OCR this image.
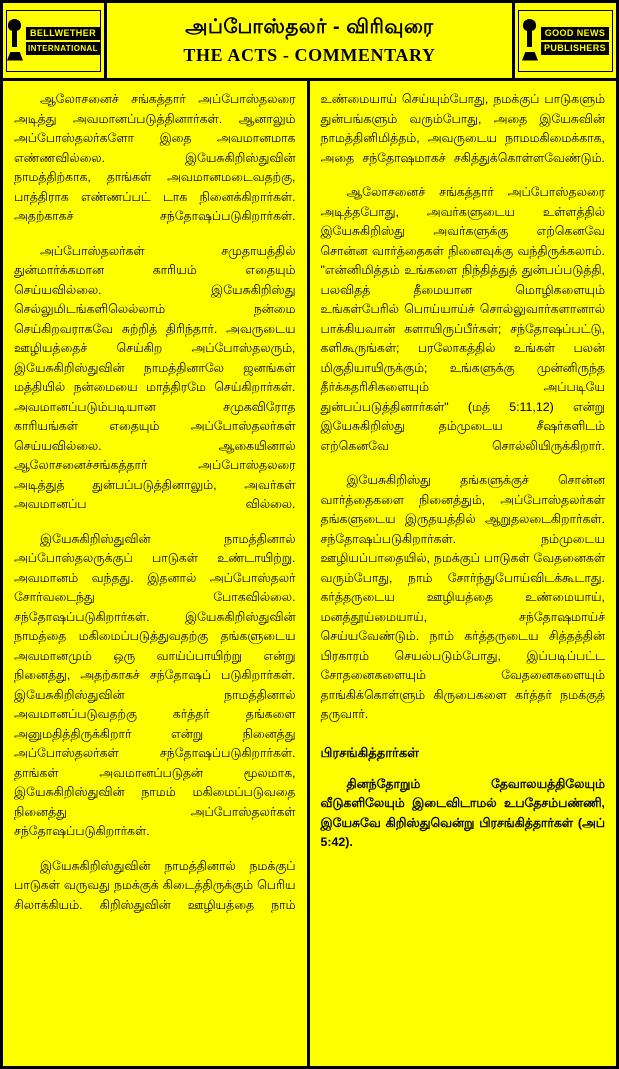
BELLWETHER
INTERNATIONAL
அப்போஸ்தலர் - விரிவுரை
THE ACTS - COMMENTARY
GOOD NEWS
PUBLISHERS

ஆலோசனைச் சங்கத்தார் அப்போஸ்தலரை அடித்து அவமானப்படுத்தினார்கள். ஆனாலும் அப்போஸ்தலர்களோ இதை அவமானமாக எண்ணவில்லை. இயேசுகிறிஸ்துவின் நாமத்திற்காக, தாங்கள் அவமானமடைவதற்கு, பாத்திராக எண்ணப்பட் டாக நினைக்கிறார்கள். அதற்காகச் சந்தோஷப்படுகிறார்கள்.

அப்போஸ்தலர்கள் சமுதாயத்தில் துன்மார்க்கமான காரியம் எதையும் செய்யவில்லை. இயேசுகிறிஸ்து செல்லுமிடங்களிலெல்லாம் நன்மை செய்கிறவராகவே சுற்றித் திரிந்தார். அவருடைய ஊழியத்தைச் செய்கிற அப்போஸ்தலரும், இயேசுகிறிஸ்துவின் நாமத்தினாலே ஜனங்கள் மத்தியில் நன்மையை மாத்திரமே செய்கிறார்கள். அவமானப்படும்படியான சமுகவிரோத காரியங்கள் எதையும் அப்போஸ்தலர்கள் செய்யவில்லை. ஆகையினால் ஆலோசனைச்சங்கத்தார் அப்போஸ்தலரை அடித்துத் துன்பப்படுத்தினாலும், அவர்கள் அவமானப்ப வில்லை.

இயேசுகிறிஸ்துவின் நாமத்தினால் அப்போஸ்தலருக்குப் பாடுகள் உண்டாயிற்று. அவமானம் வந்தது. இதனால் அப்போஸ்தலர் சோர்வடைந்து போகவில்லை. சந்தோஷப்படுகிறார்கள். இயேசுகிறிஸ்துவின் நாமத்தை மகிமைப்படுத்துவதற்கு தங்களுடைய அவமானமும் ஒரு வாய்ப்பாயிற்று என்று நினைத்து, அதற்காகச் சந்தோஷப் படுகிறார்கள். இயேசுகிறிஸ்துவின் நாமத்தினால் அவமானப்படுவதற்கு கர்த்தர் தங்களை அனுமதித்திருக்கிறார் என்று நினைத்து அப்போஸ்தலர்கள் சந்தோஷப்படுகிறார்கள். தாங்கள் அவமானப்படுதன் மூலமாக, இயேசுகிறிஸ்துவின் நாமம் மகிமைப்படுவதை நினைத்து அப்போஸ்தலர்கள் சந்தோஷப்படுகிறார்கள்.

இயேசுகிறிஸ்துவின் நாமத்தினால் நமக்குப் பாடுகள் வருவது நமக்குக் கிடைத்திருக்கும் பெரிய சிலாக்கியம். கிறிஸ்துவின் ஊழியத்தை நாம்

உண்மையாய் செய்யும்போது, நமக்குப் பாடுகளும் துன்பங்களும் வரும்போது, அதை இயேசுவின் நாமத்தினிமித்தம், அவருடைய நாமமகிமைக்காக, அதை சந்தோஷமாகச் சகித்துக்கொள்ளவேண்டும்.

ஆலோசனைச் சங்கத்தார் அப்போஸ்தலரை அடித்தபோது, அவர்களுடைய உள்ளத்தில் இயேசுகிறிஸ்து அவர்களுக்கு எற்கெனவே சொன்ன வார்த்தைகள் நினைவுக்கு வந்திருக்கலாம். "என்னிமித்தம் உங்களை நிந்தித்துத் துன்பப்படுத்தி, பலவிதத் தீமையான மொழிகளையும் உங்கள்பேரில் பொய்யாய்ச் சொல்லுவார்களானால் பாக்கியவான் களாயிருப்பீர்கள்; சந்தோஷப்பட்டு, களிகூருங்கள்; பரலோகத்தில் உங்கள் பலன் மிகுதியாயிருக்கும்; உங்களுக்கு முன்னிருந்த தீர்க்கதரிசிகளையும் அப்படியே துன்பப்படுத்தினார்கள்" (மத் 5:11,12) என்று இயேசுகிறிஸ்து தம்முடைய சீஷர்களிடம் எற்கெனவே சொல்லியிருக்கிறார்.

இயேசுகிறிஸ்து தங்களுக்குச் சொன்ன வார்த்தைகளை நினைத்தும், அப்போஸ்தலர்கள் தங்களுடைய இருதயத்தில் ஆறுதலடைகிறார்கள். சந்தோஷப்படுகிறார்கள். நம்முடைய ஊழியப்பாதையில், நமக்குப் பாடுகள் வேதனைகள் வரும்போது, நாம் சோர்ந்துபோய்விடக்கூடாது. கர்த்தருடைய ஊழியத்தை உண்மையாய், மனத்தூய்மையாய், சந்தோஷமாய்ச் செய்யவேண்டும். நாம் கர்த்தருடைய சித்தத்தின் பிரகாரம் செயல்படும்போது, இப்படிப்பட்ட சோதனைகளையும் வேதனைகளையும் தாங்கிக்கொள்ளும் கிருபைகளை கர்த்தர் நமக்குத் தருவார்.

பிரசங்கித்தார்கள்

தினந்தோறும் தேவாலயத்திலேயும் வீடுகளிலேயும் இடைவிடாமல் உபதேசம்பண்ணி, இயேசுவே கிறிஸ்துவென்று பிரசங்கித்தார்கள் (அப் 5:42).
